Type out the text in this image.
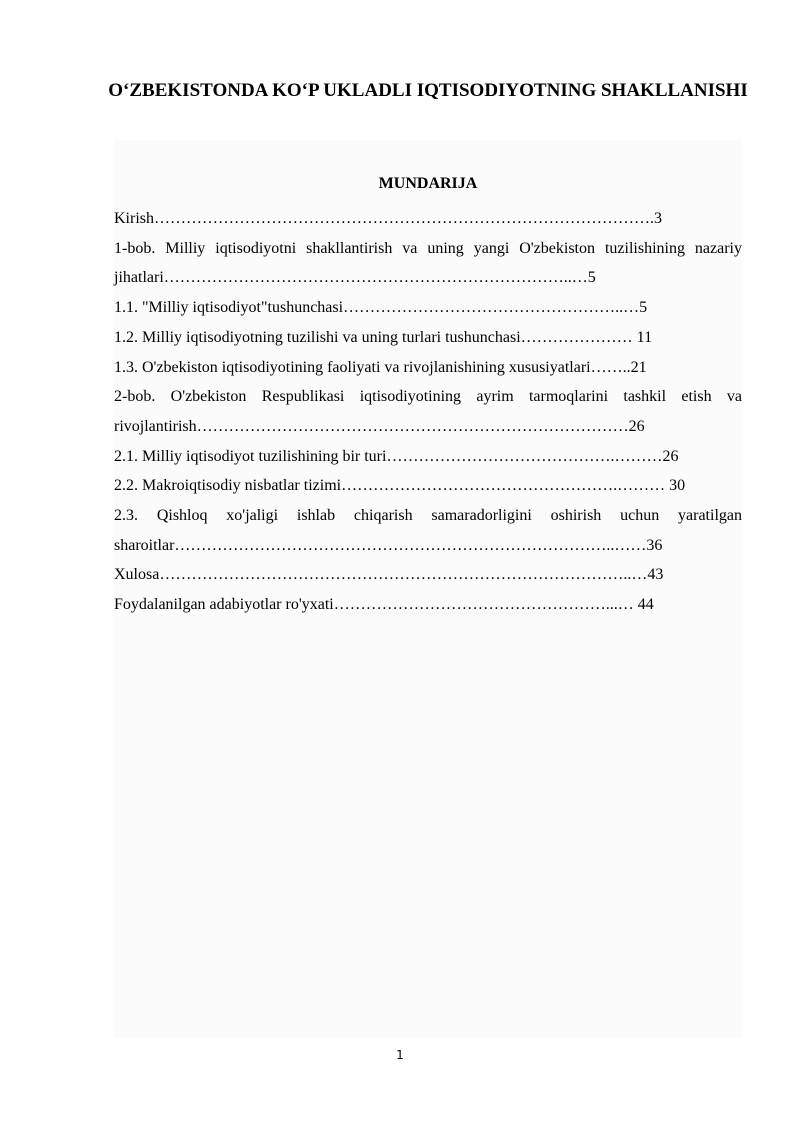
O‘ZBEKISTONDA KO‘P UKLADLI IQTISODIYOTNING SHAKLLANISHI
MUNDARIJA
Kirish………………………………………………………………………………….3
1-bob. Milliy iqtisodiyotni shakllantirish va uning yangi O'zbekiston tuzilishining nazariy jihatlari…………………………………………………………………..…5
1.1. "Milliy iqtisodiyot"tushunchasi……………………………………………..…5
1.2. Milliy iqtisodiyotning tuzilishi va uning turlari tushunchasi………………… 11
1.3. O'zbekiston iqtisodiyotining faoliyati va rivojlanishining xususiyatlari……..21
2-bob. O'zbekiston Respublikasi iqtisodiyotining ayrim tarmoqlarini tashkil etish va rivojlantirish………………………………………………………………………26
2.1. Milliy iqtisodiyot tuzilishining bir turi…………………………………….………26
2.2. Makroiqtisodiy nisbatlar tizimi…………………………………………….……… 30
2.3. Qishloq xo'jaligi ishlab chiqarish samaradorligini oshirish uchun yaratilgan sharoitlar………………………………………………………………………..……36
Xulosa……………………………………………………………………………..…43
Foydalanilgan adabiyotlar ro'yxati……………………………………………...… 44
1
